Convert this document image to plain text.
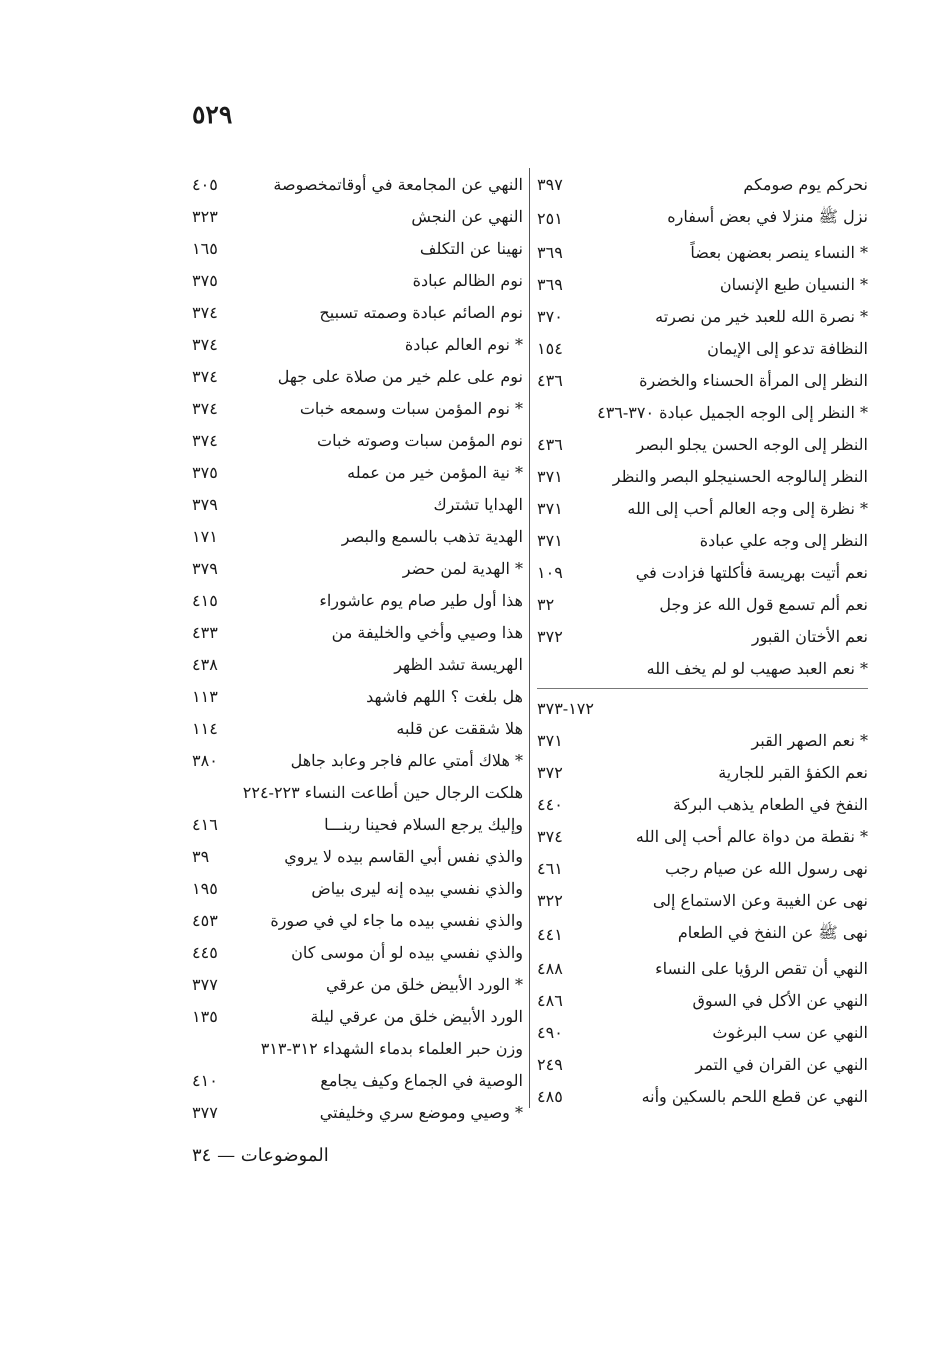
٥٢٩
نحركم يوم صومكم
٣٩٧
نزل ﷺ منزلا في بعض أسفاره
٢٥١
* النساء ينصر بعضهن بعضاً
٣٦٩
* النسيان طبع الإنسان
٣٦٩
* نصرة الله للعبد خير من نصرته
٣٧٠
النظافة تدعو إلى الإيمان
١٥٤
النظر إلى المرأة الحسناء والخضرة
٤٣٦
* النظر إلى الوجه الجميل عبادة ٣٧٠-٤٣٦
النظر إلى الوجه الحسن يجلو البصر
٤٣٦
النظر إلىالوجه الحسنيجلو البصر والنظر
٣٧١
* نظرة إلى وجه العالم أحب إلى الله
٣٧١
النظر إلى وجه علي عبادة
٣٧١
نعم أتيت بهريسة فأكلتها فزادت في
١٠٩
نعم ألم تسمع قول الله عز وجل
٣٢
نعم الأختان القبور
٣٧٢
* نعم العبد صهيب لو لم يخف الله
١٧٢-٣٧٣
* نعم الصهر القبر
٣٧١
نعم الكفؤ القبر للجارية
٣٧٢
النفخ في الطعام يذهب البركة
٤٤٠
* نقطة من دواة عالم أحب إلى الله
٣٧٤
نهى رسول الله عن صيام رجب
٤٦١
نهى عن الغيبة وعن الاستماع إلى
٣٢٢
نهى ﷺ عن النفخ في الطعام
٤٤١
النهي أن تقص الرؤيا على النساء
٤٨٨
النهي عن الأكل في السوق
٤٨٦
النهي عن سب البرغوث
٤٩٠
النهي عن القران في التمر
٢٤٩
النهي عن قطع اللحم بالسكين وأنه
٤٨٥
النهي عن المجامعة في أوقاتمخصوصة
٤٠٥
النهي عن النجش
٣٢٣
نهينا عن التكلف
١٦٥
نوم الظالم عبادة
٣٧٥
نوم الصائم عبادة وصمته تسبيح
٣٧٤
* نوم العالم عبادة
٣٧٤
نوم على علم خير من صلاة على جهل
٣٧٤
* نوم المؤمن سبات وسمعه خبات
٣٧٤
نوم المؤمن سبات وصوته خبات
٣٧٤
* نية المؤمن خير من عمله
٣٧٥
الهدايا تشترك
٣٧٩
الهدية تذهب بالسمع والبصر
١٧١
* الهدية لمن حضر
٣٧٩
هذا أول طير صام يوم عاشوراء
٤١٥
هذا وصيي وأخي والخليفة من
٤٣٣
الهريسة تشد الظهر
٤٣٨
هل بلغت ؟ اللهم فاشهد
١١٣
هلا شققت عن قلبه
١١٤
* هلاك أمتي عالم فاجر وعابد جاهل
٣٨٠
هلكت الرجال حين أطاعت النساء ٢٢٣-٢٢٤
وإليك يرجع السلام فحينا ربنـــا
٤١٦
والذي نفس أبي القاسم بيده لا يروي
٣٩
والذي نفسي بيده إنه ليرى بياض
١٩٥
والذي نفسي بيده ما جاء لي في صورة
٤٥٣
والذي نفسي بيده لو أن موسى كان
٤٤٥
* الورد الأبيض خلق من عرقي
٣٧٧
الورد الأبيض خلق من عرقي ليلة
١٣٥
وزن حبر العلماء بدماء الشهداء ٣١٢-٣١٣
الوصية في الجماع وكيف يجامع
٤١٠
* وصيي وموضع سري وخليفتي
٣٧٧
الموضوعات — ٣٤
